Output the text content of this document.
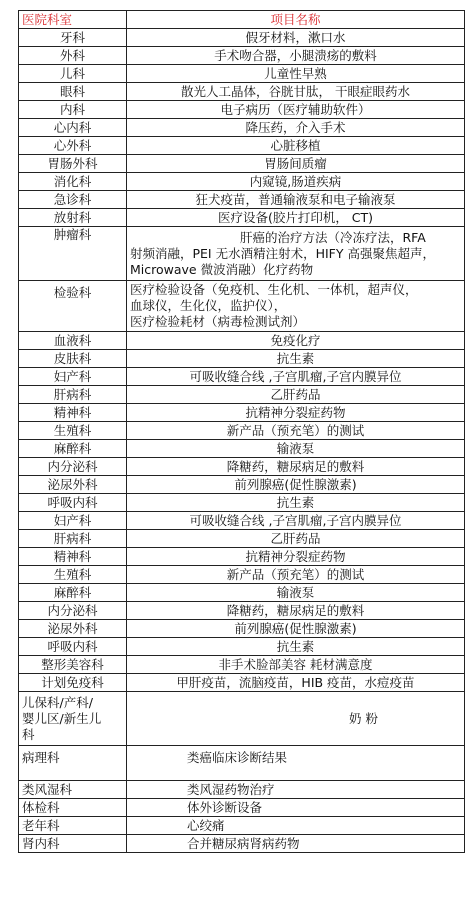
医院科室	项目名称
牙科	假牙材料，漱口水
外科	手术吻合器，小腿溃疡的敷料
儿科	儿童性早熟
眼科	散光人工晶体，谷胱甘肽， 干眼症眼药水
内科	电子病历（医疗辅助软件）
心内科	降压药，介入手术
心外科	心脏移植
胃肠外科	胃肠间质瘤
消化科	内窥镜,肠道疾病
急诊科	狂犬疫苗，普通输液泵和电子输液泵
放射科	医疗设备(胶片打印机， CT)
肿瘤科	肝癌的治疗方法（冷冻疗法，RFA
射频消融，PEI 无水酒精注射术，HIFY 高强聚焦超声，
Microwave 微波消融）化疗药物

检验科	医疗检验设备（免疫机、生化机、一体机，超声仪，
血球仪，生化仪，监护仪），
医疗检验耗材（病毒检测试剂）

血液科	免疫化疗
皮肤科	抗生素
妇产科	可吸收缝合线 ,子宫肌瘤,子宫内膜异位
肝病科	乙肝药品
精神科	抗精神分裂症药物
生殖科	新产品（预充笔）的测试
麻醉科	输液泵
内分泌科	降糖药，糖尿病足的敷料
泌尿外科	前列腺癌(促性腺激素)
呼吸内科	抗生素
妇产科	可吸收缝合线 ,子宫肌瘤,子宫内膜异位
肝病科	乙肝药品
精神科	抗精神分裂症药物
生殖科	新产品（预充笔）的测试
麻醉科	输液泵
内分泌科	降糖药，糖尿病足的敷料
泌尿外科	前列腺癌(促性腺激素)
呼吸内科	抗生素
整形美容科	非手术脸部美容 耗材满意度
计划免疫科	甲肝疫苗，流脑疫苗，HIB 疫苗，水痘疫苗

儿保科/产科/
婴儿区/新生儿
科	奶 粉
病理科	类癌临床诊断结果
类风湿科	类风湿药物治疗
体检科	体外诊断设备
老年科	心绞痛
肾内科	合并糖尿病肾病药物
